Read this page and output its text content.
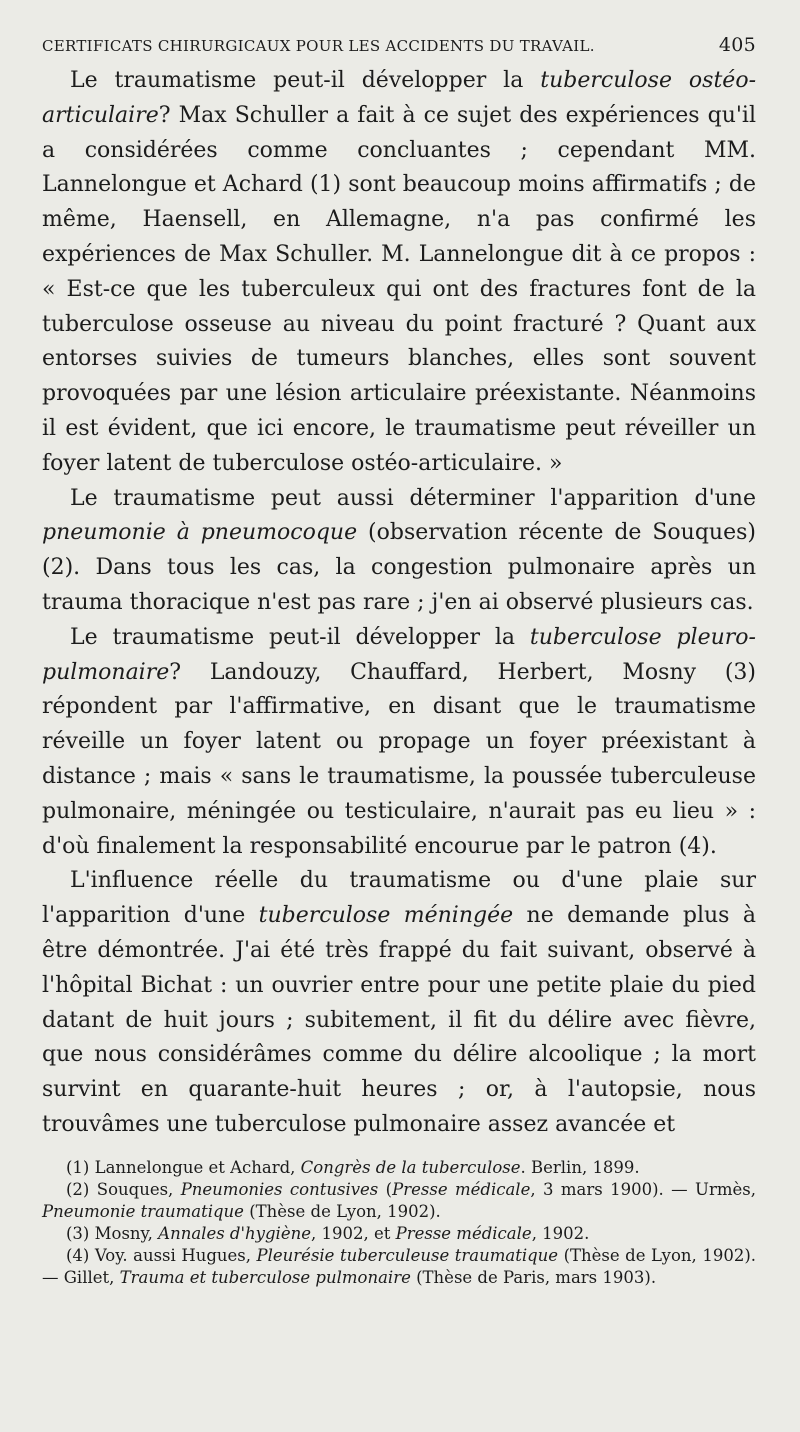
CERTIFICATS CHIRURGICAUX POUR LES ACCIDENTS DU TRAVAIL.	405

Le traumatisme peut-il développer la tuberculose ostéo-articulaire? Max Schuller a fait à ce sujet des expériences qu'il a considérées comme concluantes ; cependant MM. Lannelongue et Achard (1) sont beaucoup moins affirmatifs ; de même, Haensell, en Allemagne, n'a pas confirmé les expériences de Max Schuller. M. Lannelongue dit à ce propos : « Est-ce que les tuberculeux qui ont des fractures font de la tuberculose osseuse au niveau du point fracturé ? Quant aux entorses suivies de tumeurs blanches, elles sont souvent provoquées par une lésion articulaire préexistante. Néanmoins il est évident, que ici encore, le traumatisme peut réveiller un foyer latent de tuberculose ostéo-articulaire. »

Le traumatisme peut aussi déterminer l'apparition d'une pneumonie à pneumocoque (observation récente de Souques) (2). Dans tous les cas, la congestion pulmonaire après un trauma thoracique n'est pas rare ; j'en ai observé plusieurs cas.

Le traumatisme peut-il développer la tuberculose pleuro-pulmonaire? Landouzy, Chauffard, Herbert, Mosny (3) répondent par l'affirmative, en disant que le traumatisme réveille un foyer latent ou propage un foyer préexistant à distance ; mais « sans le traumatisme, la poussée tuberculeuse pulmonaire, méningée ou testiculaire, n'aurait pas eu lieu » : d'où finalement la responsabilité encourue par le patron (4).

L'influence réelle du traumatisme ou d'une plaie sur l'apparition d'une tuberculose méningée ne demande plus à être démontrée. J'ai été très frappé du fait suivant, observé à l'hôpital Bichat : un ouvrier entre pour une petite plaie du pied datant de huit jours ; subitement, il fit du délire avec fièvre, que nous considérâmes comme du délire alcoolique ; la mort survint en quarante-huit heures ; or, à l'autopsie, nous trouvâmes une tuberculose pulmonaire assez avancée et

(1) Lannelongue et Achard, Congrès de la tuberculose. Berlin, 1899.

(2) Souques, Pneumonies contusives (Presse médicale, 3 mars 1900). — Urmès, Pneumonie traumatique (Thèse de Lyon, 1902).

(3) Mosny, Annales d'hygiène, 1902, et Presse médicale, 1902.

(4) Voy. aussi Hugues, Pleurésie tuberculeuse traumatique (Thèse de Lyon, 1902). — Gillet, Trauma et tuberculose pulmonaire (Thèse de Paris, mars 1903).
